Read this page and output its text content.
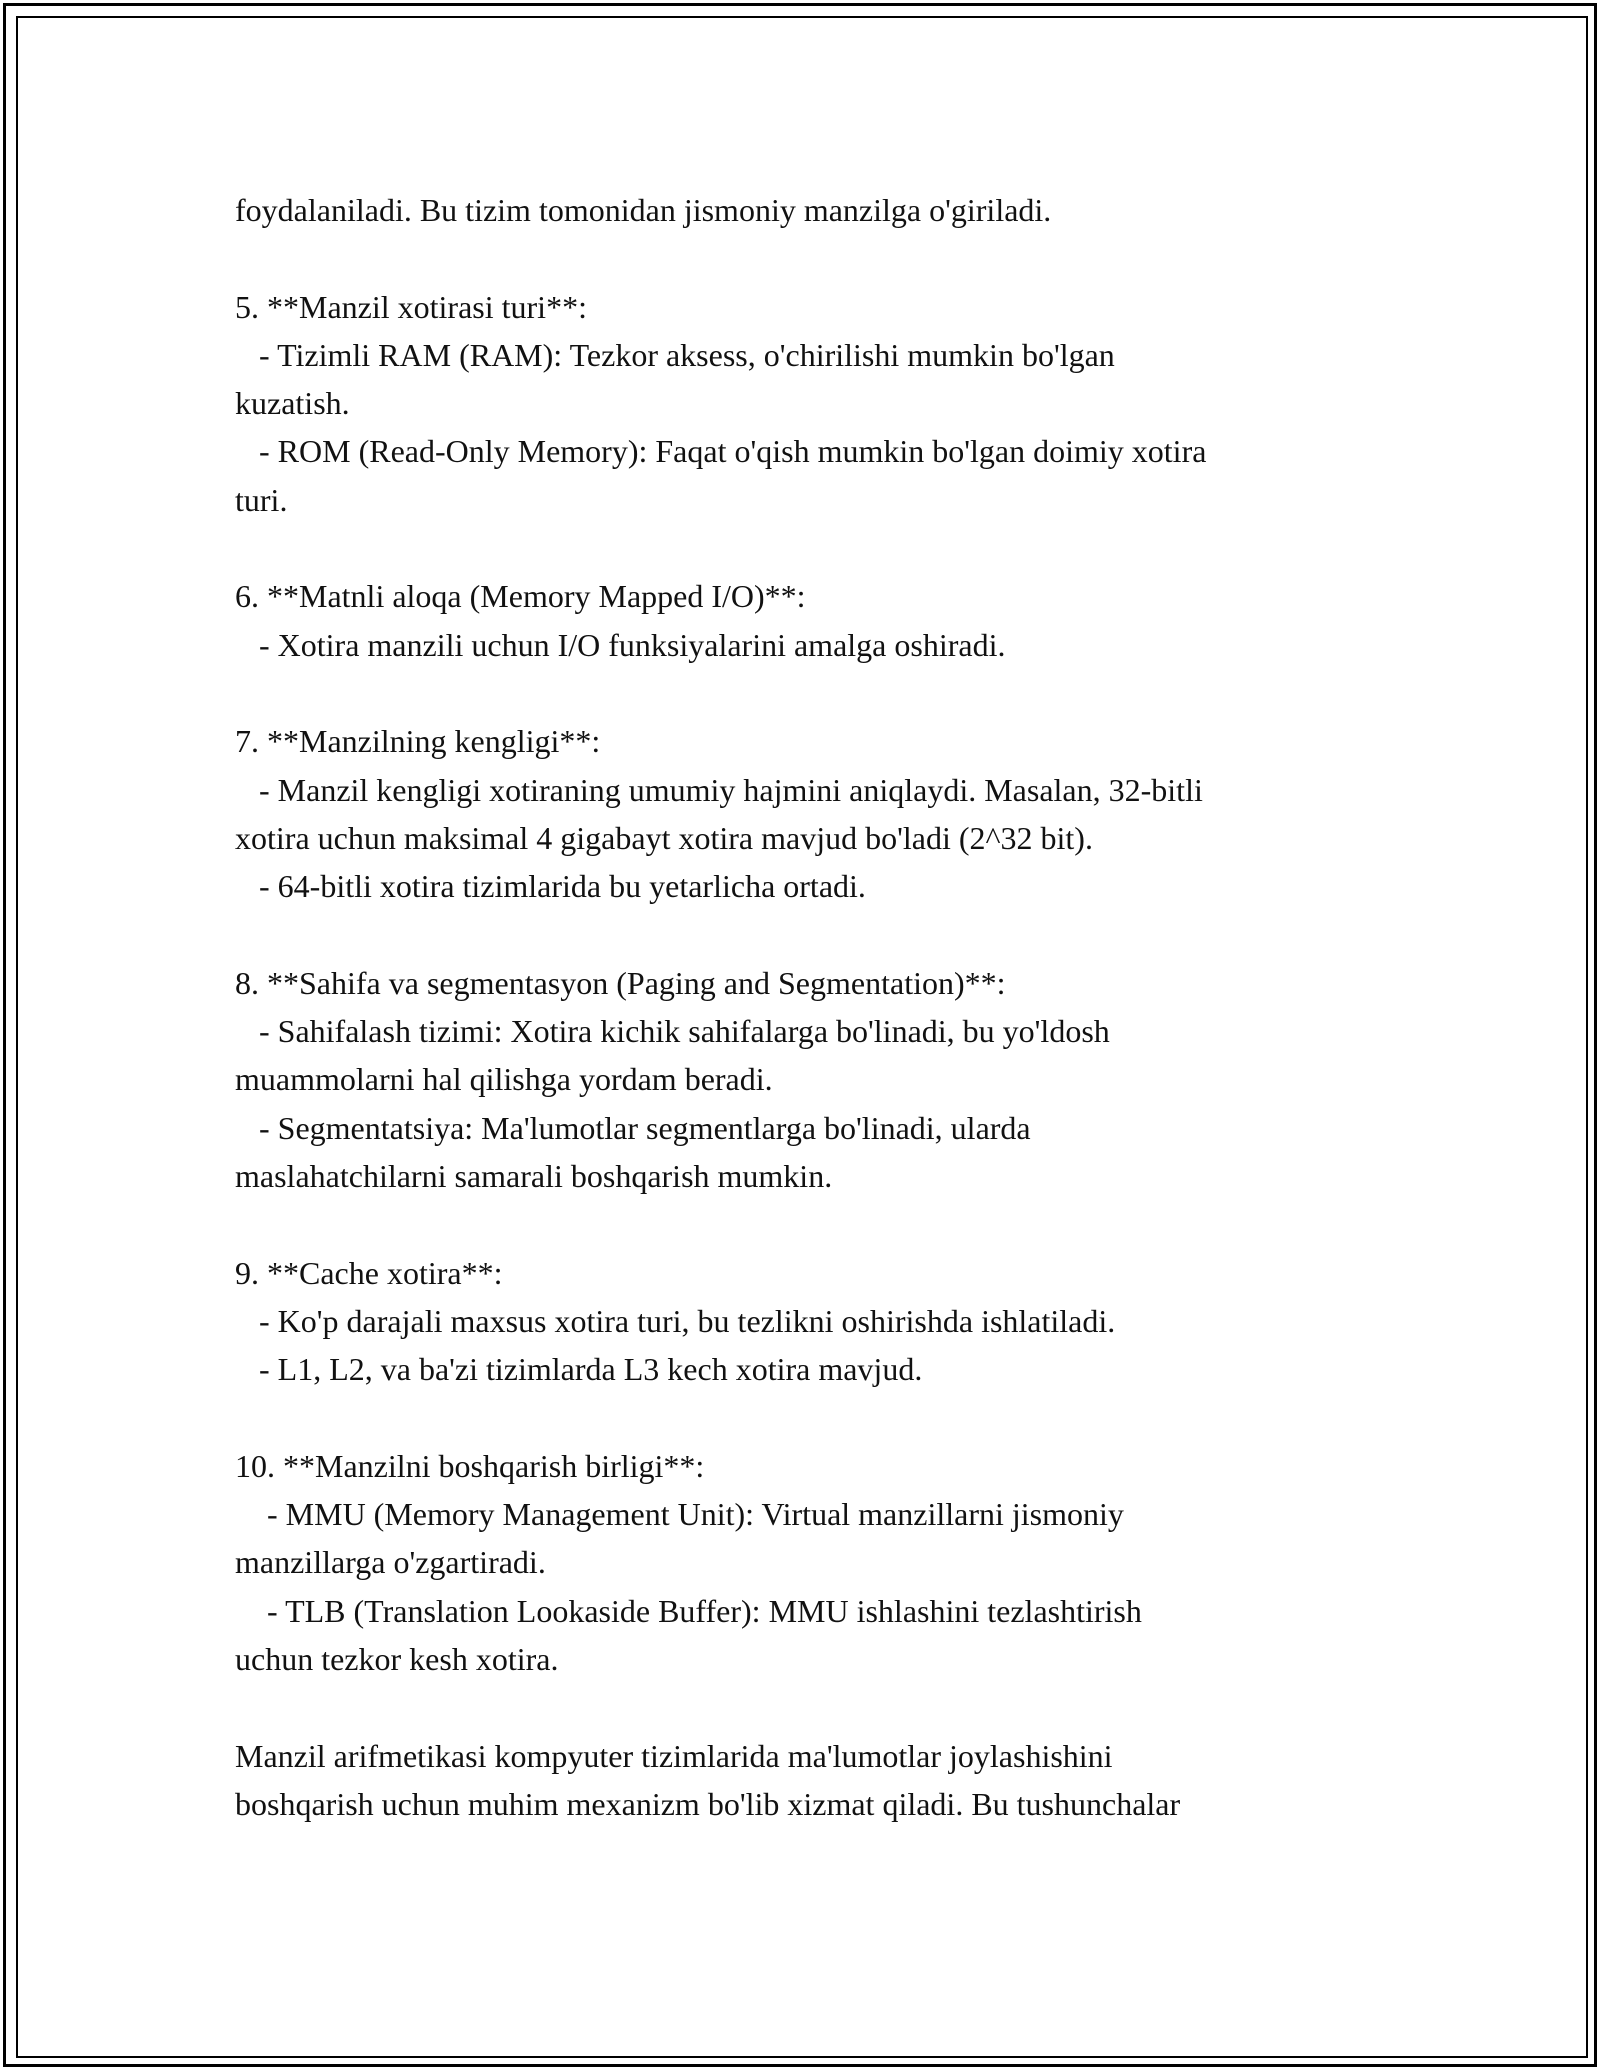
foydalaniladi. Bu tizim tomonidan jismoniy manzilga o'giriladi.
5. **Manzil xotirasi turi**:
- Tizimli RAM (RAM): Tezkor aksess, o'chirilishi mumkin bo'lgan
kuzatish.
- ROM (Read-Only Memory): Faqat o'qish mumkin bo'lgan doimiy xotira
turi.
6. **Matnli aloqa (Memory Mapped I/O)**:
- Xotira manzili uchun I/O funksiyalarini amalga oshiradi.
7. **Manzilning kengligi**:
- Manzil kengligi xotiraning umumiy hajmini aniqlaydi. Masalan, 32-bitli
xotira uchun maksimal 4 gigabayt xotira mavjud bo'ladi (2^32 bit).
- 64-bitli xotira tizimlarida bu yetarlicha ortadi.
8. **Sahifa va segmentasyon (Paging and Segmentation)**:
- Sahifalash tizimi: Xotira kichik sahifalarga bo'linadi, bu yo'ldosh
muammolarni hal qilishga yordam beradi.
- Segmentatsiya: Ma'lumotlar segmentlarga bo'linadi, ularda
maslahatchilarni samarali boshqarish mumkin.
9. **Cache xotira**:
- Ko'p darajali maxsus xotira turi, bu tezlikni oshirishda ishlatiladi.
- L1, L2, va ba'zi tizimlarda L3 kech xotira mavjud.
10. **Manzilni boshqarish birligi**:
- MMU (Memory Management Unit): Virtual manzillarni jismoniy
manzillarga o'zgartiradi.
- TLB (Translation Lookaside Buffer): MMU ishlashini tezlashtirish
uchun tezkor kesh xotira.
Manzil arifmetikasi kompyuter tizimlarida ma'lumotlar joylashishini
boshqarish uchun muhim mexanizm bo'lib xizmat qiladi. Bu tushunchalar
